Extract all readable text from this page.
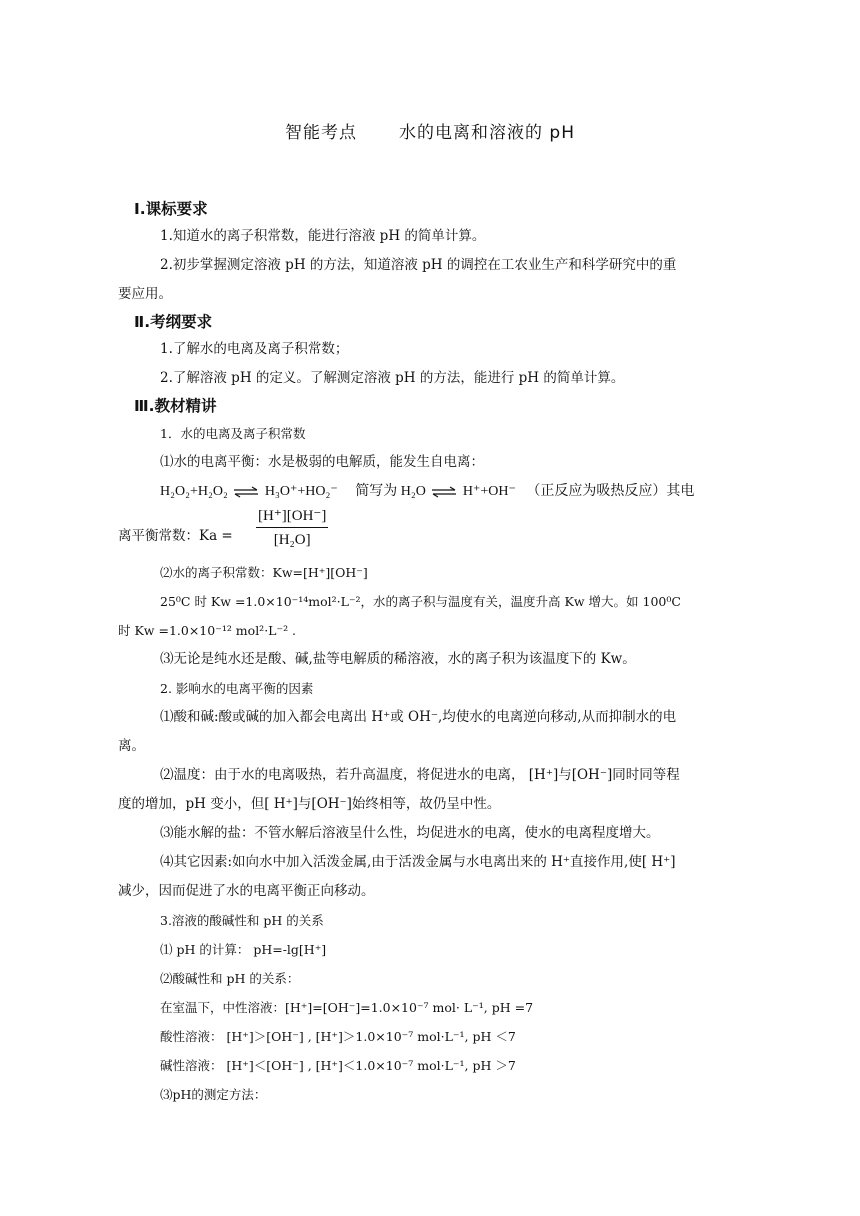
智能考点 水的电离和溶液的 pH
Ⅰ.课标要求
1.知道水的离子积常数，能进行溶液 pH 的简单计算。
2.初步掌握测定溶液 pH 的方法，知道溶液 pH 的调控在工农业生产和科学研究中的重
要应用。
Ⅱ.考纲要求
1.了解水的电离及离子积常数；
2.了解溶液 pH 的定义。了解测定溶液 pH 的方法，能进行 pH 的简单计算。
Ⅲ.教材精讲
1．水的电离及离子积常数
⑴水的电离平衡：水是极弱的电解质，能发生自电离：
H₂O₂+H₂O₂ ⇌ H₃O⁺+HO₂⁻ 简写为 H₂O ⇌ H⁺+OH⁻ （正反应为吸热反应）其电
离平衡常数：$Ka = \frac{[H^+][OH^-]}{\text{[H₂O]}}$
⑵水的离子积常数：Kw=[H⁺][OH⁻]
25⁰C 时 Kw =1.0×10⁻¹⁴mol²·L⁻²，水的离子积与温度有关，温度升高 Kw 增大。如 100⁰C
时 Kw =1.0×10⁻¹² mol²·L⁻² .
⑶无论是纯水还是酸、碱,盐等电解质的稀溶液，水的离子积为该温度下的 Kw。
2. 影响水的电离平衡的因素
⑴酸和碱:酸或碱的加入都会电离出 H⁺或 OH⁻,均使水的电离逆向移动,从而抑制水的电
离。
⑵温度：由于水的电离吸热，若升高温度，将促进水的电离， [H⁺]与[OH⁻]同时同等程
度的增加，pH 变小，但[ H⁺]与[OH⁻]始终相等，故仍呈中性。
⑶能水解的盐：不管水解后溶液呈什么性，均促进水的电离，使水的电离程度增大。
⑷其它因素:如向水中加入活泼金属,由于活泼金属与水电离出来的 H⁺直接作用,使[ H⁺]
减少，因而促进了水的电离平衡正向移动。
3.溶液的酸碱性和 pH 的关系
⑴ pH 的计算： pH=-lg[H⁺]
⑵酸碱性和 pH 的关系：
在室温下，中性溶液：[H⁺]=[OH⁻]=1.0×10⁻⁷ mol· L⁻¹, pH =7
酸性溶液： [H⁺]＞[OH⁻] , [H⁺]＞1.0×10⁻⁷ mol·L⁻¹, pH ＜7
碱性溶液： [H⁺]＜[OH⁻] , [H⁺]＜1.0×10⁻⁷ mol·L⁻¹, pH ＞7
⑶pH的测定方法：
